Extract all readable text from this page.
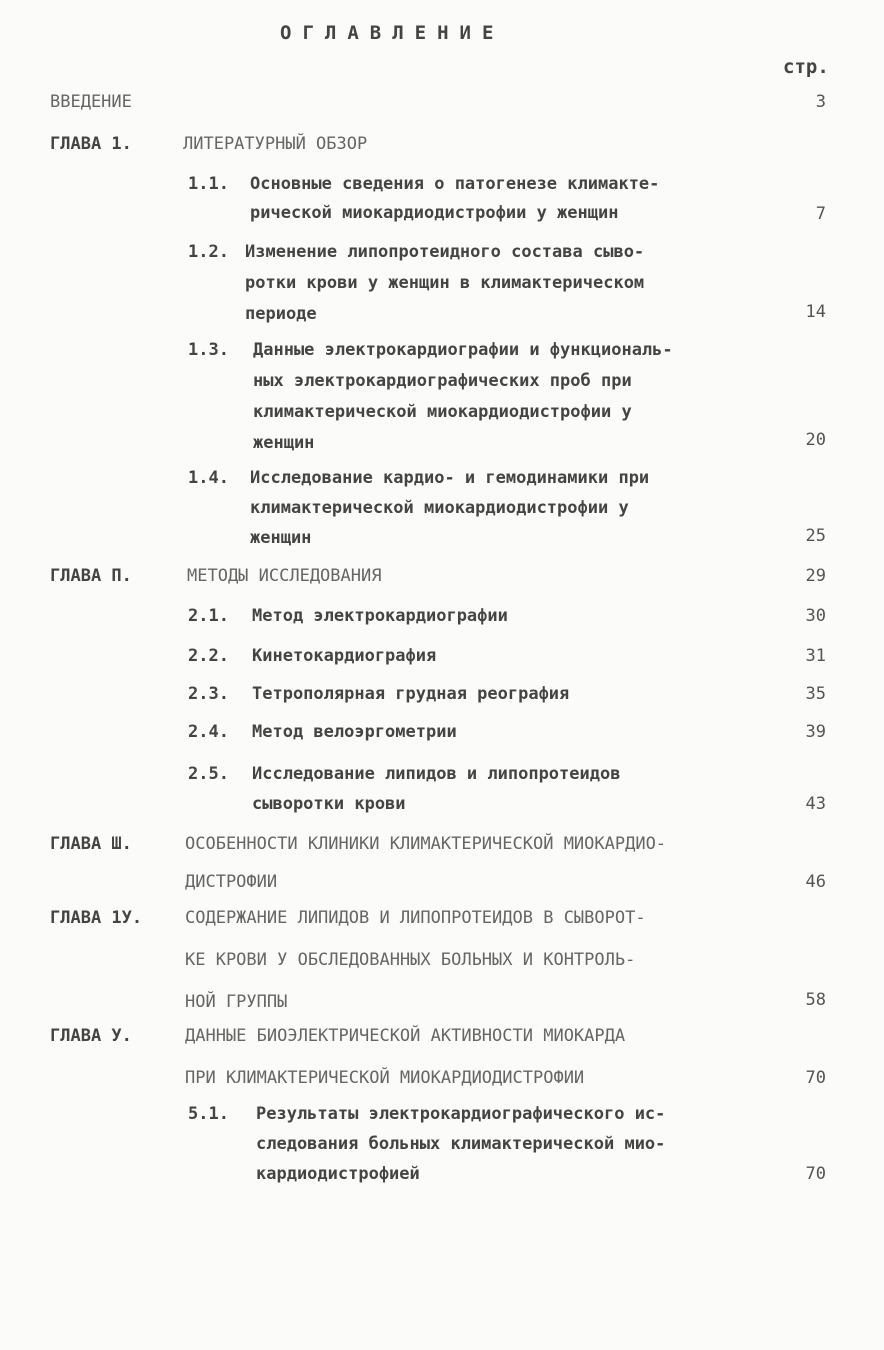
ОГЛАВЛЕНИЕ
стр.
ВВЕДЕНИЕ	3
ГЛАВА 1.	ЛИТЕРАТУРНЫЙ ОБЗОР
1.1. Основные сведения о патогенезе климакте-
рической миокардиодистрофии у женщин	7
1.2. Изменение липопротеидного состава сыво-
ротки крови у женщин в климактерическом
периоде	14
1.3. Данные электрокардиографии и функциональ-
ных электрокардиографических проб при
климактерической миокардиодистрофии у
женщин	20
1.4. Исследование кардио- и гемодинамики при
климактерической миокардиодистрофии у
женщин	25
ГЛАВА П.	МЕТОДЫ ИССЛЕДОВАНИЯ	29
2.1. Метод электрокардиографии	30
2.2. Кинетокардиография	31
2.3. Тетрополярная грудная реография	35
2.4. Метод велоэргометрии	39
2.5. Исследование липидов и липопротеидов
сыворотки крови	43
ГЛАВА Ш.	ОСОБЕННОСТИ КЛИНИКИ КЛИМАКТЕРИЧЕСКОЙ МИОКАРДИО-
ДИСТРОФИИ	46
ГЛАВА 1У.	СОДЕРЖАНИЕ ЛИПИДОВ И ЛИПОПРОТЕИДОВ В СЫВОРОТ-
КЕ КРОВИ У ОБСЛЕДОВАННЫХ БОЛЬНЫХ И КОНТРОЛЬ-
НОЙ ГРУППЫ	58
ГЛАВА У.	ДАННЫЕ БИОЭЛЕКТРИЧЕСКОЙ АКТИВНОСТИ МИОКАРДА
ПРИ КЛИМАКТЕРИЧЕСКОЙ МИОКАРДИОДИСТРОФИИ	70
5.1. Результаты электрокардиографического ис-
следования больных климактерической мио-
кардиодистрофией	70
